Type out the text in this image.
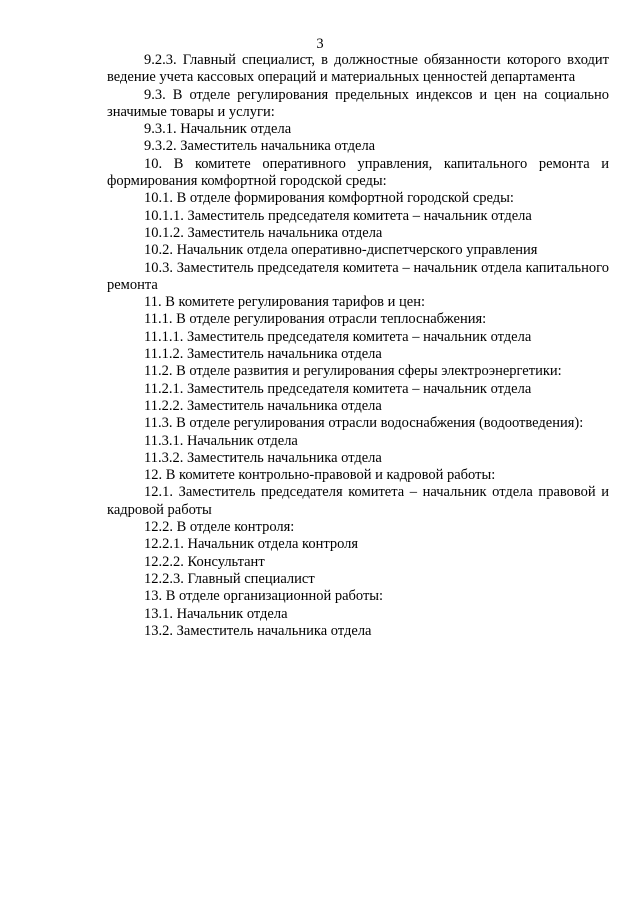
3

9.2.3. Главный специалист, в должностные обязанности которого входит ведение учета кассовых операций и материальных ценностей департамента

9.3. В отделе регулирования предельных индексов и цен на социально значимые товары и услуги:

9.3.1. Начальник отдела

9.3.2. Заместитель начальника отдела

10. В комитете оперативного управления, капитального ремонта и формирования комфортной городской среды:

10.1. В отделе формирования комфортной городской среды:

10.1.1. Заместитель председателя комитета – начальник отдела

10.1.2. Заместитель начальника отдела

10.2. Начальник отдела оперативно-диспетчерского управления

10.3. Заместитель председателя комитета – начальник отдела капитального ремонта

11. В комитете регулирования тарифов и цен:

11.1. В отделе регулирования отрасли теплоснабжения:

11.1.1. Заместитель председателя комитета – начальник отдела

11.1.2. Заместитель начальника отдела

11.2. В отделе развития и регулирования сферы электроэнергетики:

11.2.1. Заместитель председателя комитета – начальник отдела

11.2.2. Заместитель начальника отдела

11.3. В отделе регулирования отрасли водоснабжения (водоотведения):

11.3.1. Начальник отдела

11.3.2. Заместитель начальника отдела

12. В комитете контрольно-правовой и кадровой работы:

12.1. Заместитель председателя комитета – начальник отдела правовой и кадровой работы

12.2. В отделе контроля:

12.2.1. Начальник отдела контроля

12.2.2. Консультант

12.2.3. Главный специалист

13. В отделе организационной работы:

13.1. Начальник отдела

13.2. Заместитель начальника отдела
